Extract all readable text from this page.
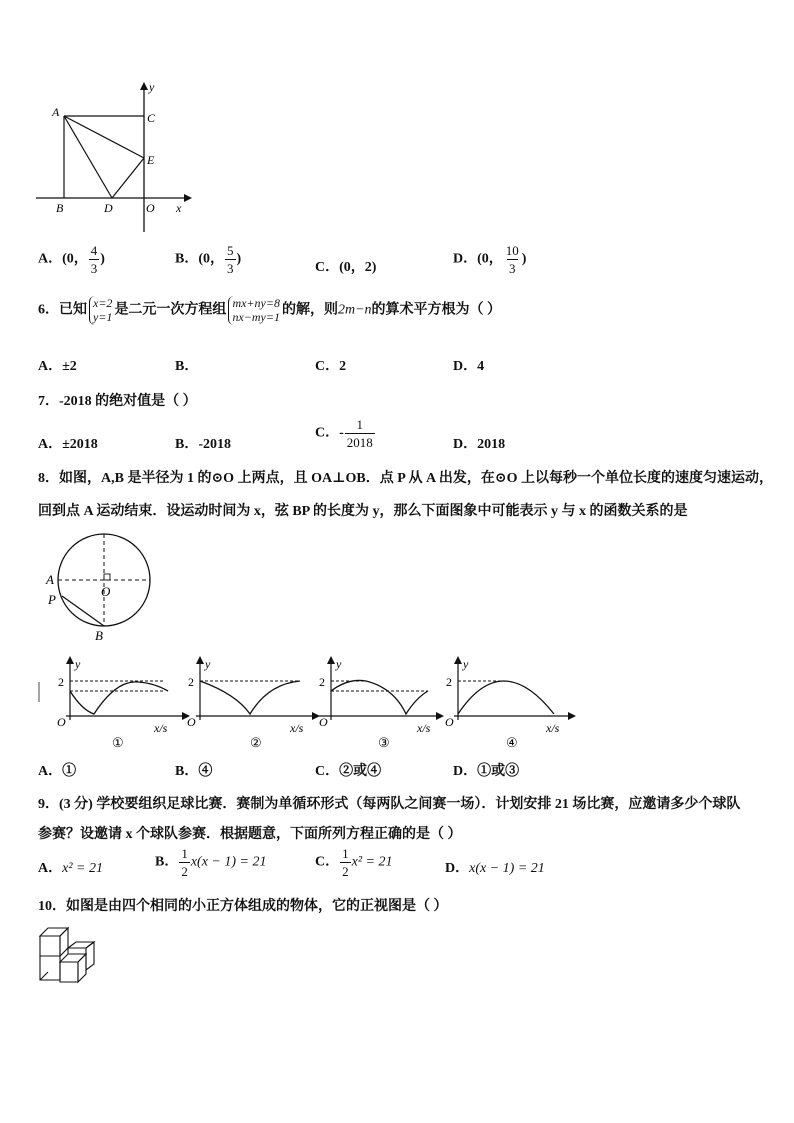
A
B
C
D
E
O x
y
A．(0， $\frac{4}{3}$ )	B．(0， $\frac{5}{3}$ )
C．(0，2)
D．(0， $\frac{10}{3}$ )
6．已知 x=2
y=1 是二元一次方程组 mx+ny=8
nx−my=1 的解，则2m−n的算术平方根为（ ）
A．±2	B．	C．2	D．4
7．-2018 的绝对值是（ ）
A．±2018	B．-2018
C．- $\frac{1}{2018}$	D．2018
8．如图，A,B 是半径为 1 的⊙O 上两点，且 OA⊥OB．点 P 从 A 出发，在⊙O 上以每秒一个单位长度的速度匀速运动，
回到点 A 运动结束．设运动时间为 x，弦 BP 的长度为 y，那么下面图象中可能表示 y 与 x 的函数关系的是
A
P
O
B
y
2
O	x/s
①
y
2
O	x/s
②
y
2
O	x/s
③
y
2
O	x/s
④
A．①	B．④	C．②或④	D．①或③
9．(3 分) 学校要组织足球比赛．赛制为单循环形式（每两队之间赛一场）．计划安排 21 场比赛，应邀请多少个球队
参赛？设邀请 x 个球队参赛．根据题意，下面所列方程正确的是（ ）
A．x² = 21	B． $\frac{1}{2} x(x - 1) = 21$	C． $\frac{1}{2} x^2 = 21$	D．x(x − 1) = 21
10．如图是由四个相同的小正方体组成的物体，它的正视图是（ ）
